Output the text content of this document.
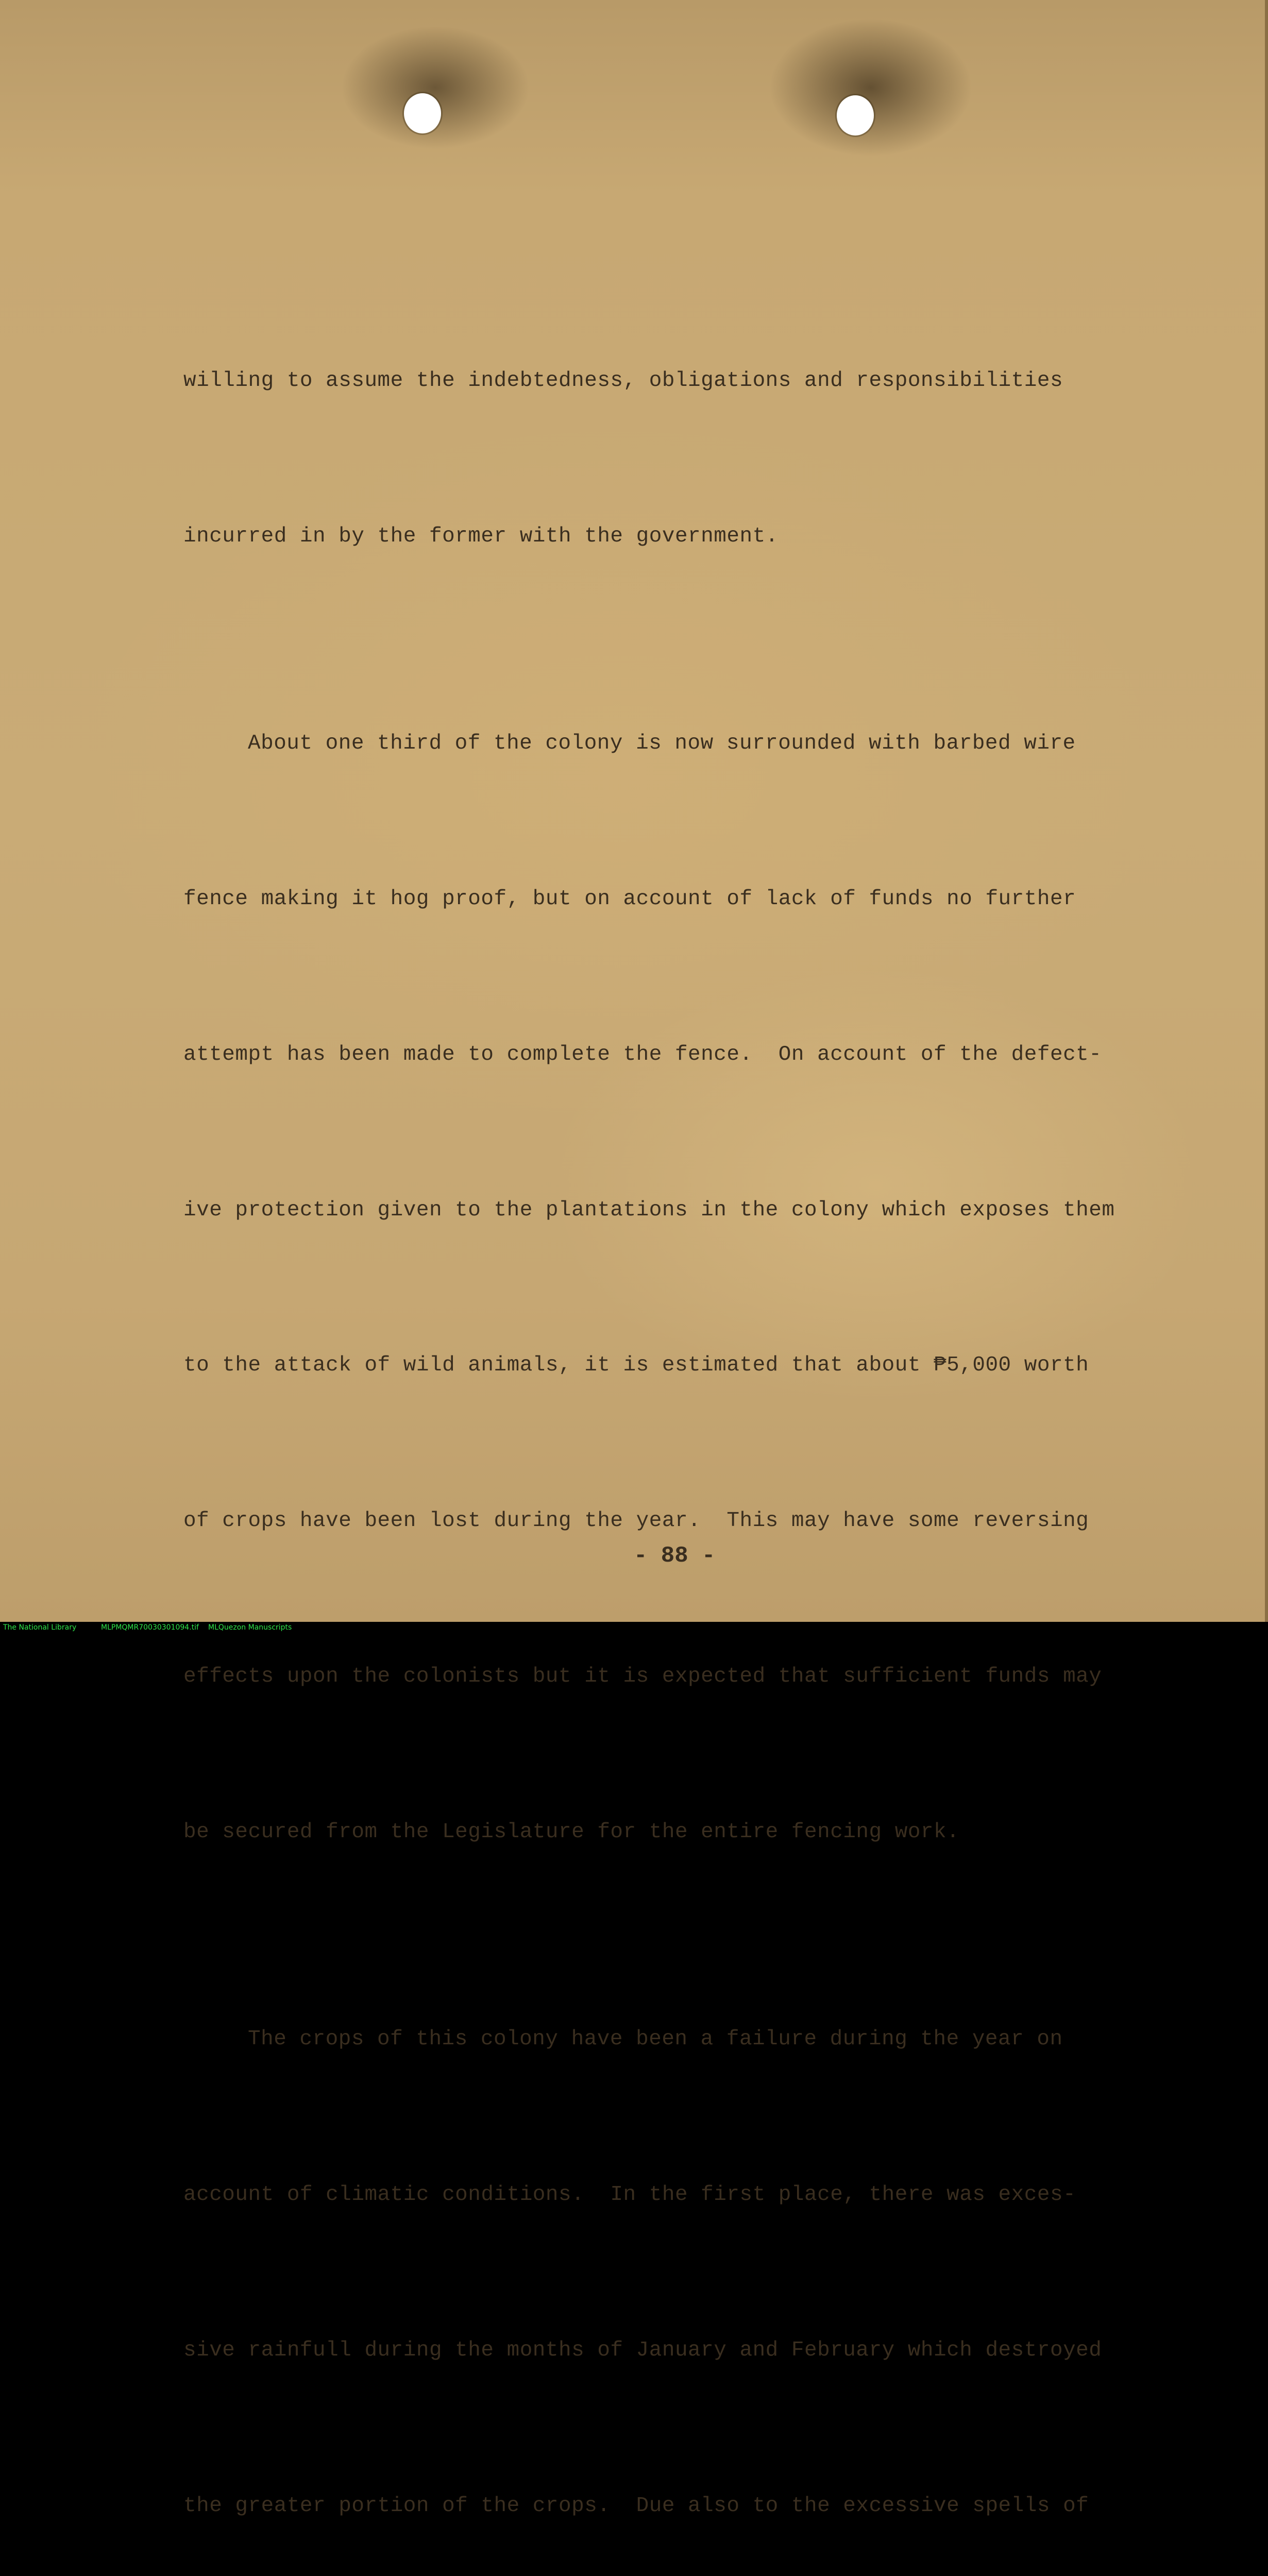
willing to assume the indebtedness, obligations and responsibilities

incurred in by the former with the government.

About one third of the colony is now surrounded with barbed wire

fence making it hog proof, but on account of lack of funds no further

attempt has been made to complete the fence.  On account of the defect-

ive protection given to the plantations in the colony which exposes them

to the attack of wild animals, it is estimated that about ₱5,000 worth

of crops have been lost during the year.  This may have some reversing

effects upon the colonists but it is expected that sufficient funds may

be secured from the Legislature for the entire fencing work.

The crops of this colony have been a failure during the year on

account of climatic conditions.  In the first place, there was exces-

sive rainfull during the months of January and February which destroyed

the greater portion of the crops.  Due also to the excessive spells of

- 88 -
The National Library	MLPMQMR70030301094.tif MLQuezon Manuscripts
